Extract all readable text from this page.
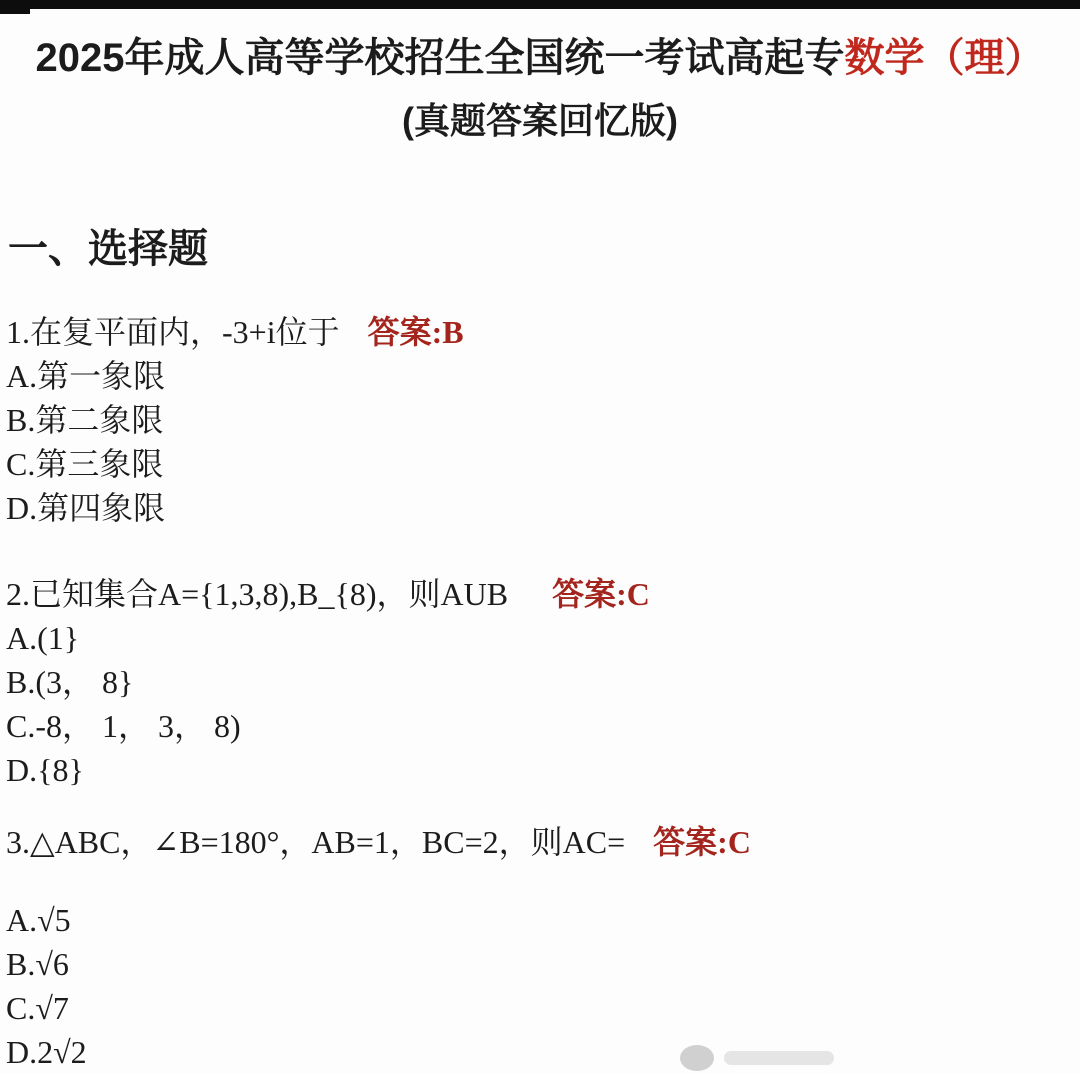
2025年成人高等学校招生全国统一考试高起专数学（理）
(真题答案回忆版)
一、选择题
1.在复平面内，-3+i位于 答案:B
A.第一象限
B.第二象限
C.第三象限
D.第四象限
2.已知集合A={1,3,8),B_{8)，则AUB 答案:C
A.(1}
B.(3， 8}
C.-8， 1， 3， 8)
D.{8}
3.△ABC，∠B=180°，AB=1，BC=2，则AC= 答案:C
A.√5
B.√6
C.√7
D.2√2
